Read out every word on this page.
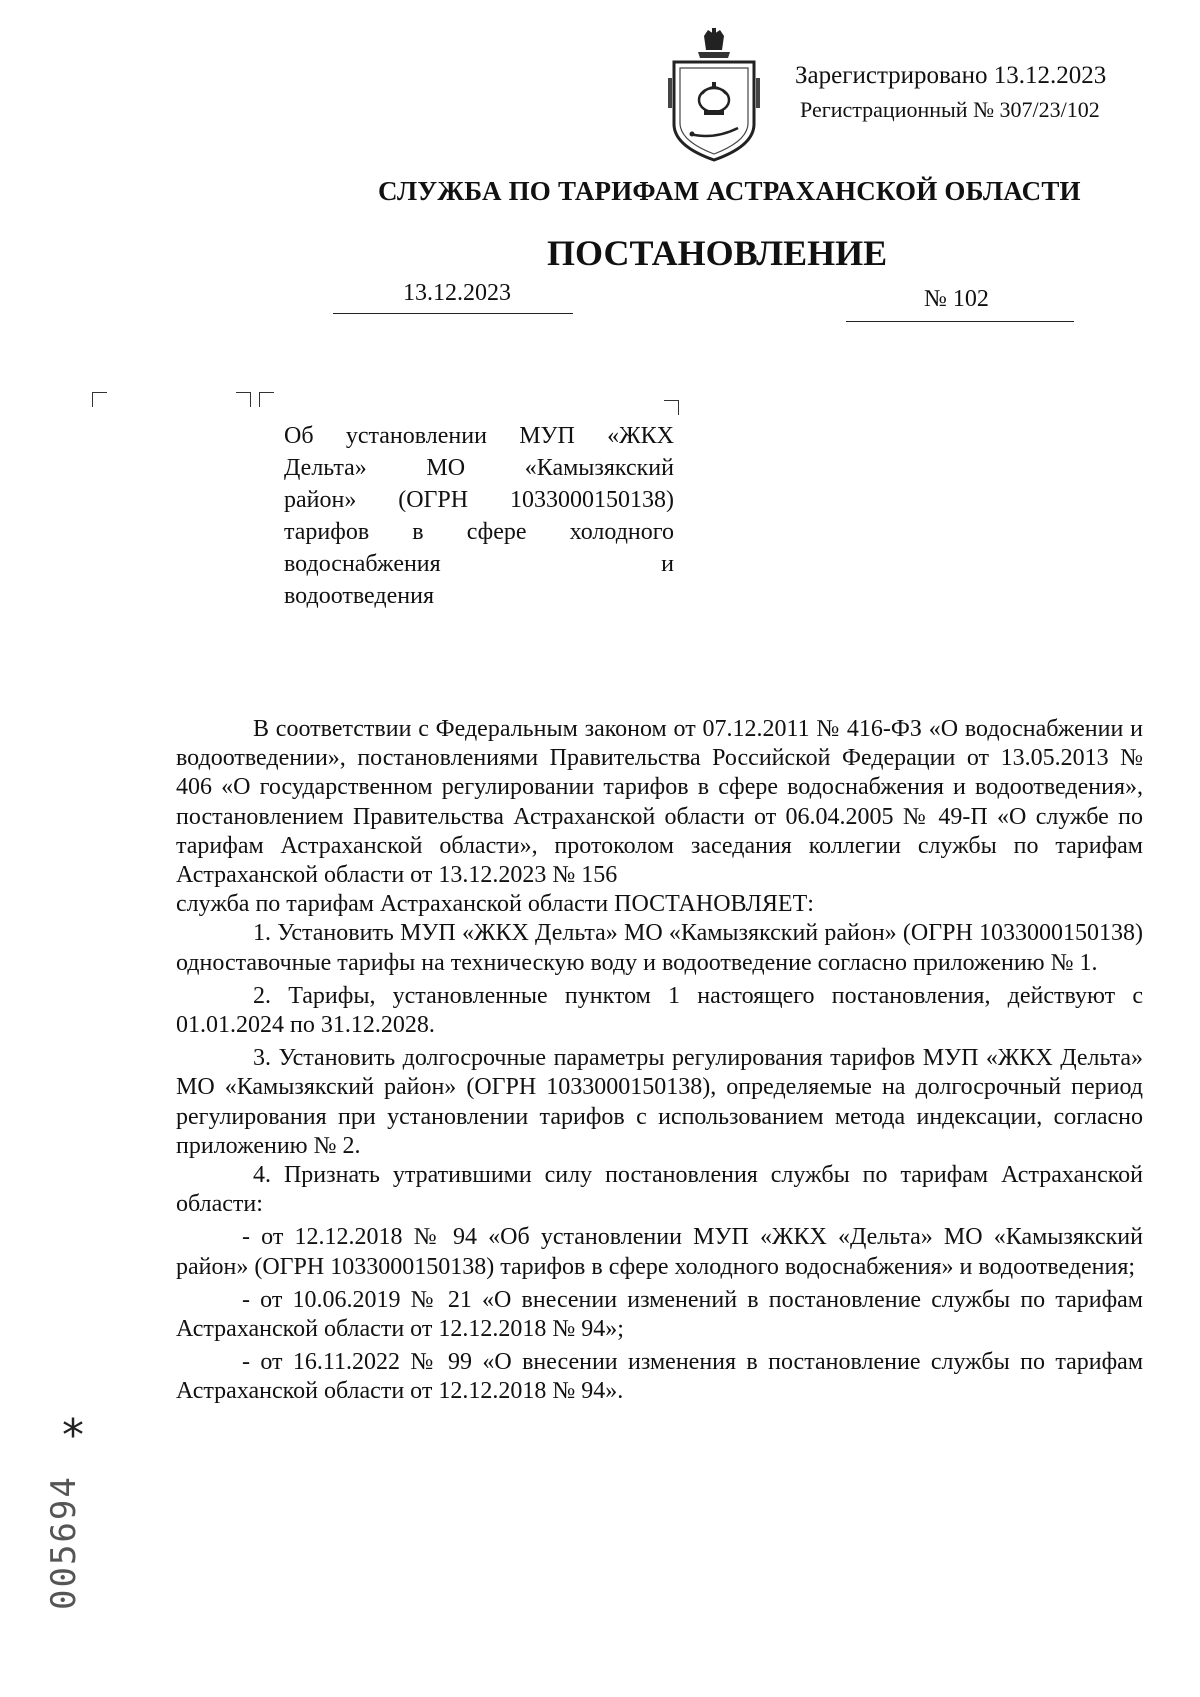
Зарегистрировано 13.12.2023
Регистрационный № 307/23/102
СЛУЖБА ПО ТАРИФАМ АСТРАХАНСКОЙ ОБЛАСТИ
ПОСТАНОВЛЕНИЕ
13.12.2023	№ 102
Об установлении МУП «ЖКХ
Дельта» МО «Камызякский
район» (ОГРН 1033000150138)
тарифов в сфере холодного
водоснабжения и
водоотведения

В соответствии с Федеральным законом от 07.12.2011 № 416-ФЗ «О водоснабжении и водоотведении», постановлениями Правительства Российской Федерации от 13.05.2013 № 406 «О государственном регулировании тарифов в сфере водоснабжения и водоотведения», постановлением Правительства Астраханской области от 06.04.2005 № 49-П «О службе по тарифам Астраханской области», протоколом заседания коллегии службы по тарифам Астраханской области от 13.12.2023 № 156

служба по тарифам Астраханской области ПОСТАНОВЛЯЕТ:

1. Установить МУП «ЖКХ Дельта» МО «Камызякский район» (ОГРН 1033000150138) одноставочные тарифы на техническую воду и водоотведение согласно приложению № 1.

2. Тарифы, установленные пунктом 1 настоящего постановления, действуют с 01.01.2024 по 31.12.2028.

3. Установить долгосрочные параметры регулирования тарифов МУП «ЖКХ Дельта» МО «Камызякский район» (ОГРН 1033000150138), определяемые на долгосрочный период регулирования при установлении тарифов с использованием метода индексации, согласно приложению № 2.

4. Признать утратившими силу постановления службы по тарифам Астраханской области:

- от 12.12.2018 № 94 «Об установлении МУП «ЖКХ «Дельта» МО «Камызякский район» (ОГРН 1033000150138) тарифов в сфере холодного водоснабжения» и водоотведения;

- от 10.06.2019 № 21 «О внесении изменений в постановление службы по тарифам Астраханской области от 12.12.2018 № 94»;

- от 16.11.2022 № 99 «О внесении изменения в постановление службы по тарифам Астраханской области от 12.12.2018 № 94».

*
005694
